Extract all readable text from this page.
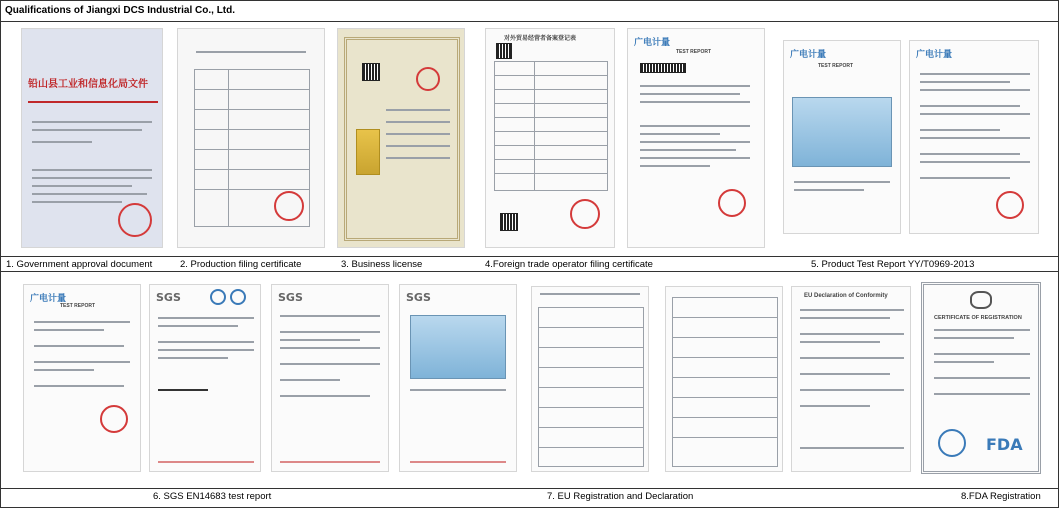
Qualifications of Jiangxi DCS Industrial Co., Ltd.
铅山县工业和信息化局文件
对外贸易经营者备案登记表	广电计量
TEST REPORT	广电计量
TEST REPORT
广电计量
1. Government approval document	2. Production filing certificate	3. Business license	4.Foreign trade operator filing certificate	5. Product Test Report YY/T0969-2013
广电计量
TEST REPORT
SGS	SGS	SGS	EU Declaration of Conformity
CERTIFICATE OF REGISTRATION
FDA
6. SGS EN14683 test report	7. EU Registration and Declaration	8.FDA Registration
